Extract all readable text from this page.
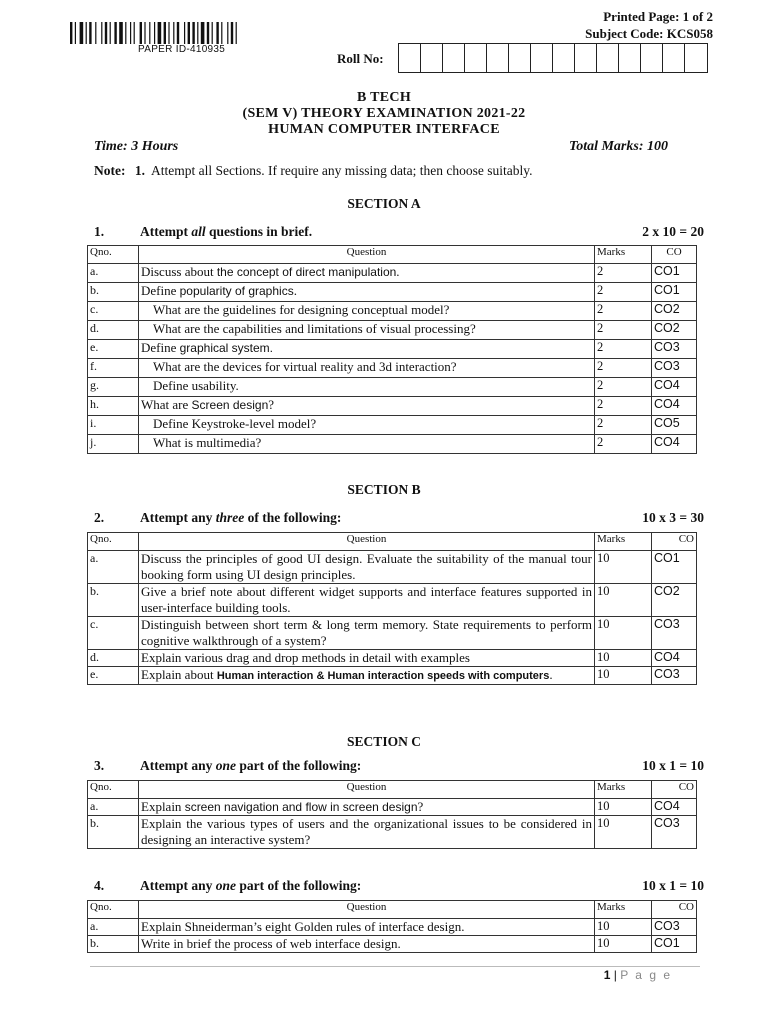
PAPER ID-410935
Printed Page: 1 of 2
Subject Code: KCS058
Roll No:
B TECH
(SEM V) THEORY EXAMINATION 2021-22
HUMAN COMPUTER INTERFACE
Time: 3 Hours	Total Marks: 100
Note: 1. Attempt all Sections. If require any missing data; then choose suitably.
SECTION A
1.	Attempt all questions in brief.	2 x 10 = 20
Qno.	Question	Marks	CO
a.	Discuss about the concept of direct manipulation.	2	CO1
b.	Define popularity of graphics.	2	CO1
c.	What are the guidelines for designing conceptual model?	2	CO2
d.	What are the capabilities and limitations of visual processing?	2	CO2
e.	Define graphical system.	2	CO3
f.	What are the devices for virtual reality and 3d interaction?	2	CO3
g.	Define usability.	2	CO4
h.	What are Screen design?	2	CO4
i.	Define Keystroke-level model?	2	CO5
j.	What is multimedia?	2	CO4
SECTION B
2.	Attempt any three of the following:	10 x 3 = 30
Qno.	Question	Marks	CO
a.	Discuss the principles of good UI design. Evaluate the suitability of the manual tour booking form using UI design principles.	10	CO1
b.	Give a brief note about different widget supports and interface features supported in user-interface building tools.	10	CO2
c.	Distinguish between short term & long term memory. State requirements to perform cognitive walkthrough of a system?	10	CO3
d.	Explain various drag and drop methods in detail with examples	10	CO4
e.	Explain about Human interaction & Human interaction speeds with computers.	10	CO3
SECTION C
3.	Attempt any one part of the following:	10 x 1 = 10
Qno.	Question	Marks	CO
a.	Explain screen navigation and flow in screen design?	10	CO4
b.	Explain the various types of users and the organizational issues to be considered in designing an interactive system?	10	CO3
4.	Attempt any one part of the following:	10 x 1 = 10
Qno.	Question	Marks	CO
a.	Explain Shneiderman’s eight Golden rules of interface design.	10	CO3
b.	Write in brief the process of web interface design.	10	CO1
1 | P a g e
